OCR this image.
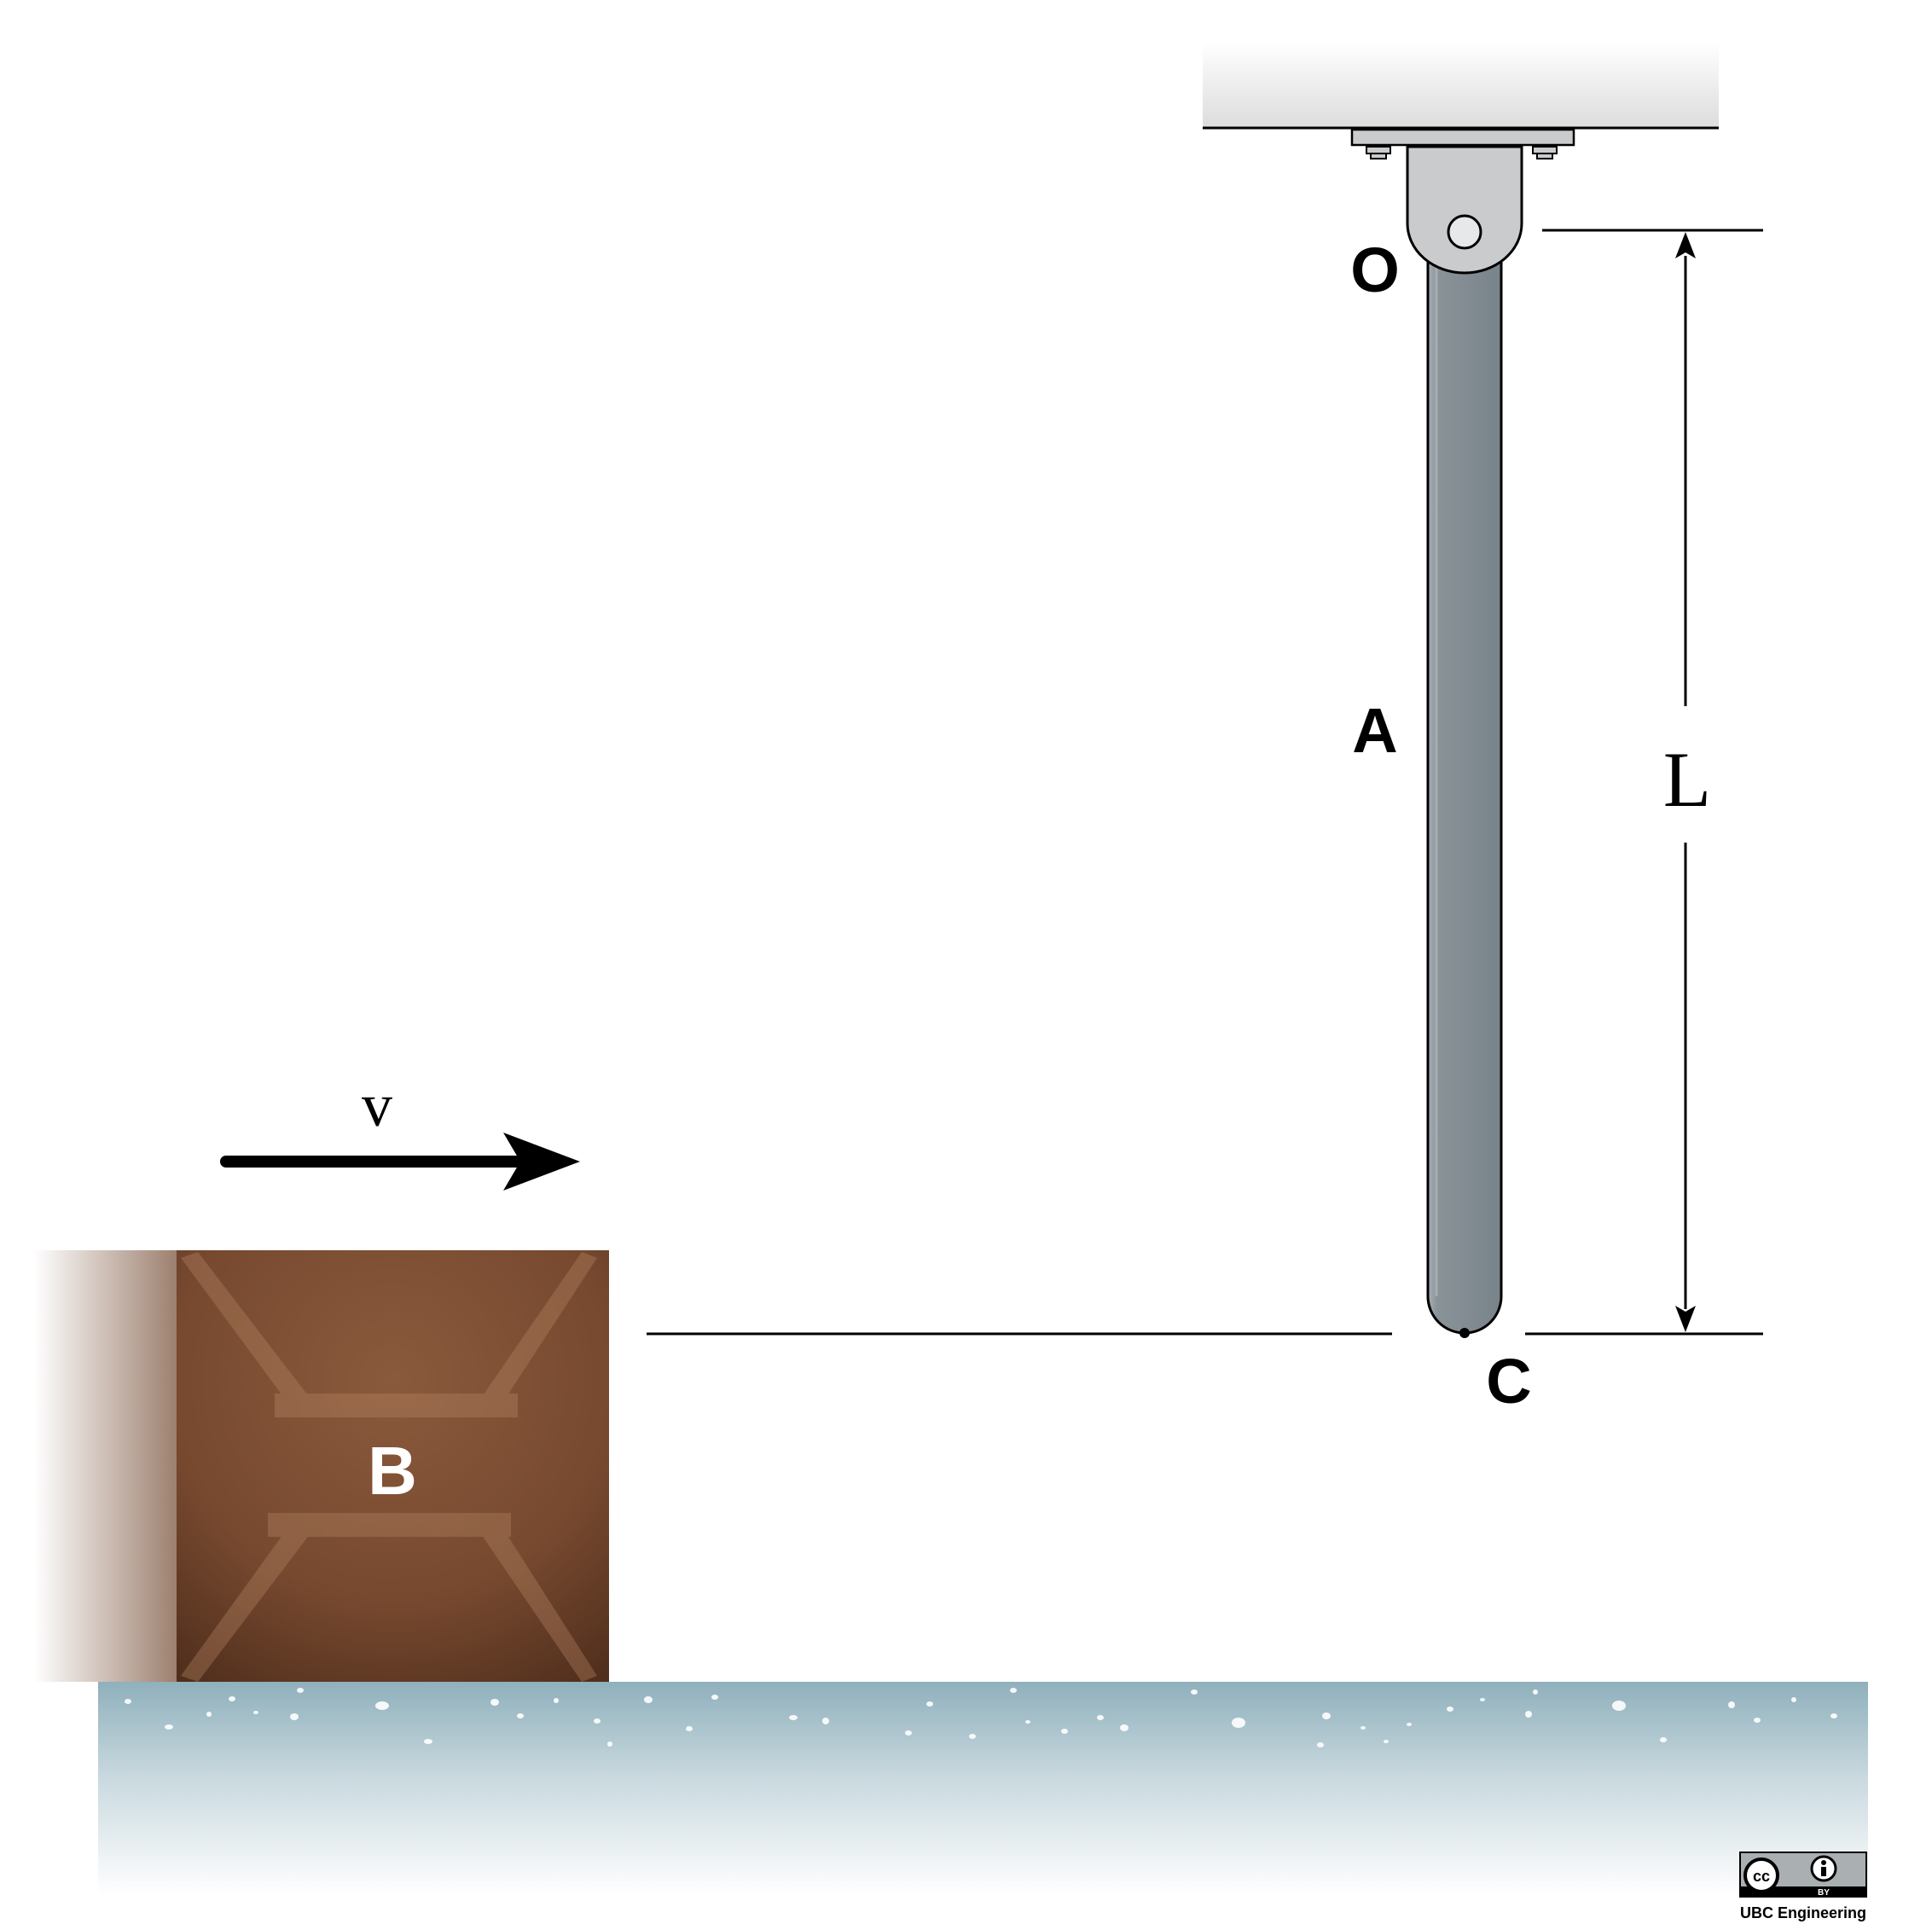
O
A
C
B
v
L
cc
BY
UBC Engineering
